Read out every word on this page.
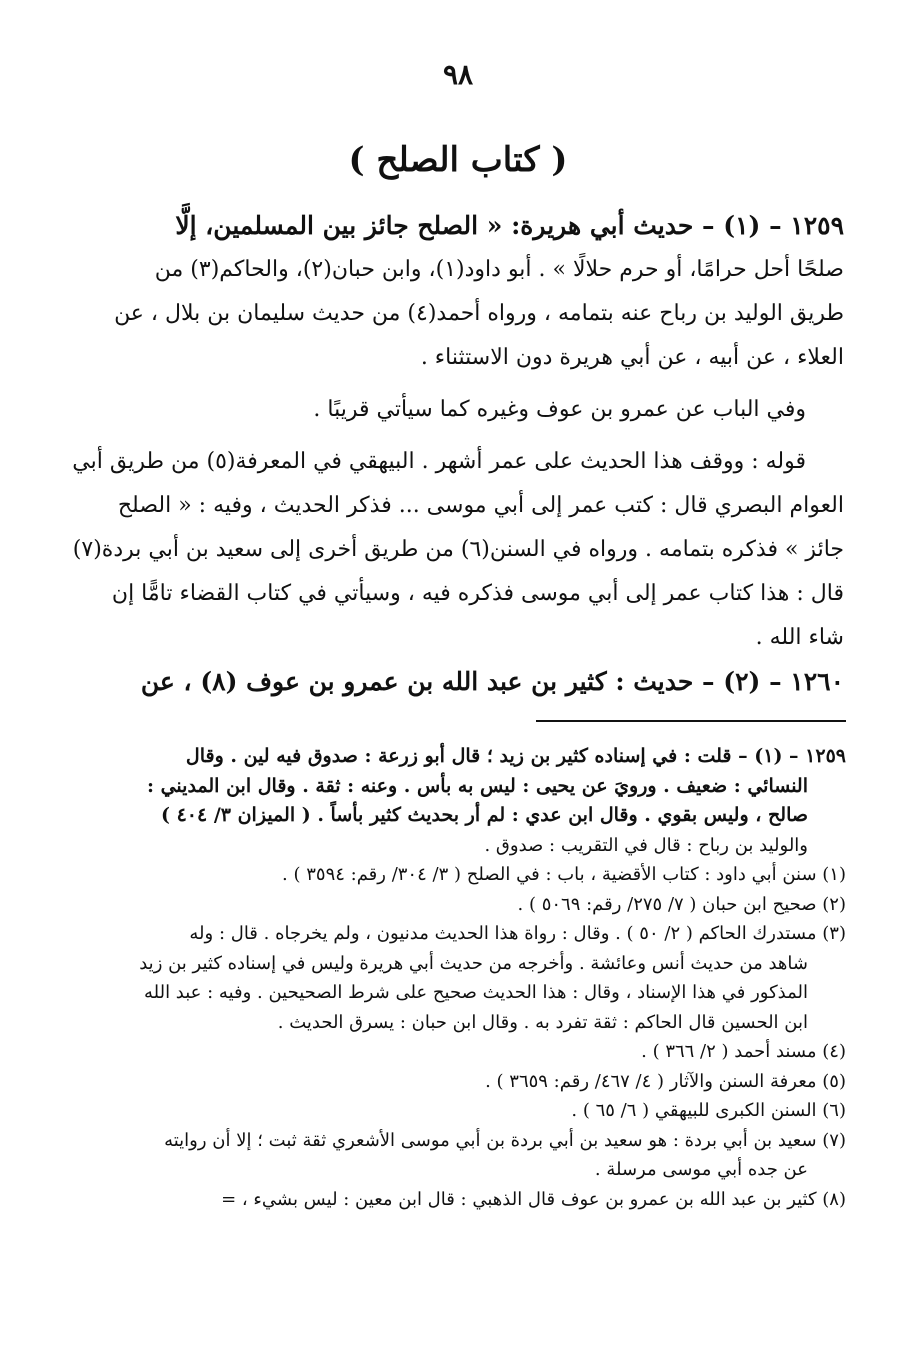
٩٨
( كتاب الصلح )
١٢٥٩ – (١) – حديث أبي هريرة: « الصلح جائز بين المسلمين، إلَّا
صلحًا أحل حرامًا، أو حرم حلالًا » . أبو داود(١)، وابن حبان(٢)، والحاكم(٣) من
طريق الوليد بن رباح عنه بتمامه ، ورواه أحمد(٤) من حديث سليمان بن بلال ، عن
العلاء ، عن أبيه ، عن أبي هريرة دون الاستثناء .
وفي الباب عن عمرو بن عوف وغيره كما سيأتي قريبًا .
قوله : ووقف هذا الحديث على عمر أشهر . البيهقي في المعرفة(٥) من طريق أبي
العوام البصري قال : كتب عمر إلى أبي موسى ... فذكر الحديث ، وفيه : « الصلح
جائز » فذكره بتمامه . ورواه في السنن(٦) من طريق أخرى إلى سعيد بن أبي بردة(٧)
قال : هذا كتاب عمر إلى أبي موسى فذكره فيه ، وسيأتي في كتاب القضاء تامًّا إن
شاء الله .
١٢٦٠ – (٢) – حديث : كثير بن عبد الله بن عمرو بن عوف (٨) ، عن
١٢٥٩ – (١) – قلت : في إسناده كثير بن زيد ؛ قال أبو زرعة : صدوق فيه لين . وقال
النسائي : ضعيف . ورويَ عن يحيى : ليس به بأس . وعنه : ثقة . وقال ابن المديني :
صالح ، وليس بقوي . وقال ابن عدي : لم أر بحديث كثير بأساً . ( الميزان ٣/ ٤٠٤ )
والوليد بن رباح : قال في التقريب : صدوق .
(١) سنن أبي داود : كتاب الأقضية ، باب : في الصلح ( ٣/ ٣٠٤/ رقم: ٣٥٩٤ ) .
(٢) صحيح ابن حبان ( ٧/ ٢٧٥/ رقم: ٥٠٦٩ ) .
(٣) مستدرك الحاكم ( ٢/ ٥٠ ) . وقال : رواة هذا الحديث مدنيون ، ولم يخرجاه . قال : وله
شاهد من حديث أنس وعائشة . وأخرجه من حديث أبي هريرة وليس في إسناده كثير بن زيد
المذكور في هذا الإسناد ، وقال : هذا الحديث صحيح على شرط الصحيحين . وفيه : عبد الله
ابن الحسين قال الحاكم : ثقة تفرد به . وقال ابن حبان : يسرق الحديث .
(٤) مسند أحمد ( ٢/ ٣٦٦ ) .
(٥) معرفة السنن والآثار ( ٤/ ٤٦٧/ رقم: ٣٦٥٩ ) .
(٦) السنن الكبرى للبيهقي ( ٦/ ٦٥ ) .
(٧) سعيد بن أبي بردة : هو سعيد بن أبي بردة بن أبي موسى الأشعري ثقة ثبت ؛ إلا أن روايته
عن جده أبي موسى مرسلة .
(٨) كثير بن عبد الله بن عمرو بن عوف قال الذهبي : قال ابن معين : ليس بشيء ، =
